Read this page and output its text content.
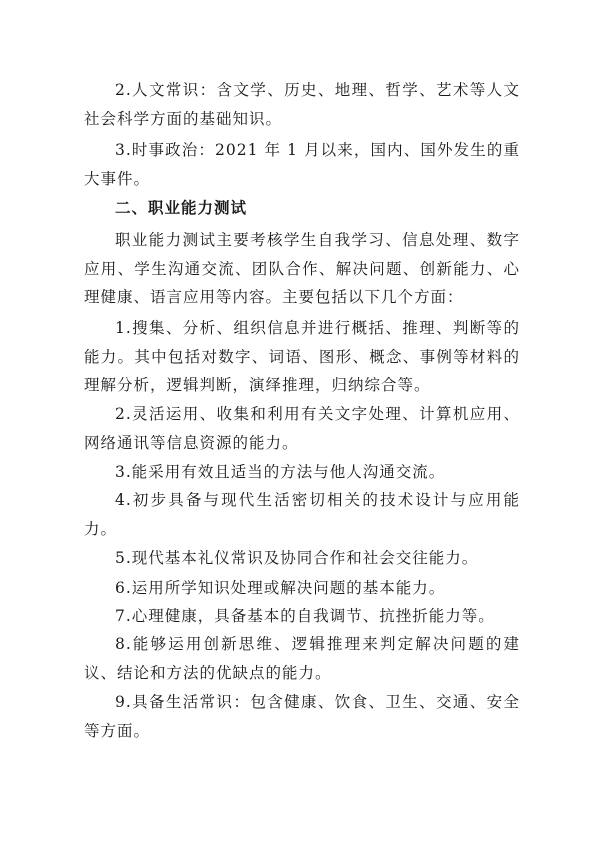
2.人文常识：含文学、历史、地理、哲学、艺术等人文社会科学方面的基础知识。

3.时事政治：2021 年 1 月以来，国内、国外发生的重大事件。

二、职业能力测试

职业能力测试主要考核学生自我学习、信息处理、数字应用、学生沟通交流、团队合作、解决问题、创新能力、心理健康、语言应用等内容。主要包括以下几个方面：

1.搜集、分析、组织信息并进行概括、推理、判断等的能力。其中包括对数字、词语、图形、概念、事例等材料的理解分析，逻辑判断，演绎推理，归纳综合等。

2.灵活运用、收集和利用有关文字处理、计算机应用、网络通讯等信息资源的能力。

3.能采用有效且适当的方法与他人沟通交流。

4.初步具备与现代生活密切相关的技术设计与应用能力。

5.现代基本礼仪常识及协同合作和社会交往能力。

6.运用所学知识处理或解决问题的基本能力。

7.心理健康，具备基本的自我调节、抗挫折能力等。

8.能够运用创新思维、逻辑推理来判定解决问题的建议、结论和方法的优缺点的能力。

9.具备生活常识：包含健康、饮食、卫生、交通、安全等方面。
